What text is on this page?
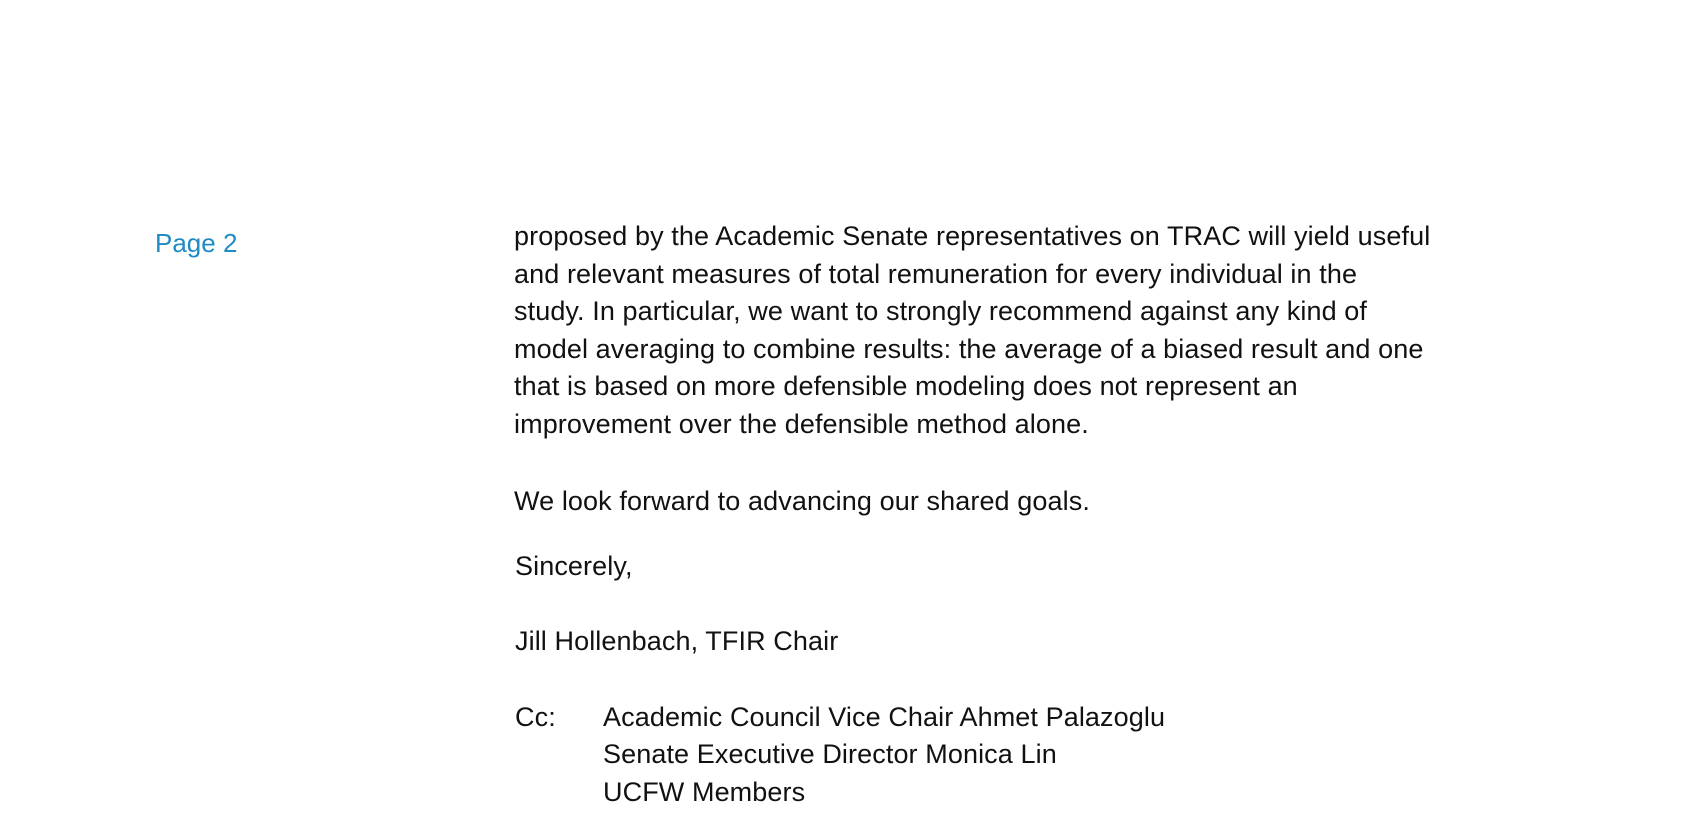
Page 2	proposed by the Academic Senate representatives on TRAC will yield useful
and relevant measures of total remuneration for every individual in the
study. In particular, we want to strongly recommend against any kind of
model averaging to combine results: the average of a biased result and one
that is based on more defensible modeling does not represent an
improvement over the defensible method alone.

We look forward to advancing our shared goals.

Sincerely,
Jill Hollenbach, TFIR Chair
Cc:	Academic Council Vice Chair Ahmet Palazoglu
Senate Executive Director Monica Lin
UCFW Members
